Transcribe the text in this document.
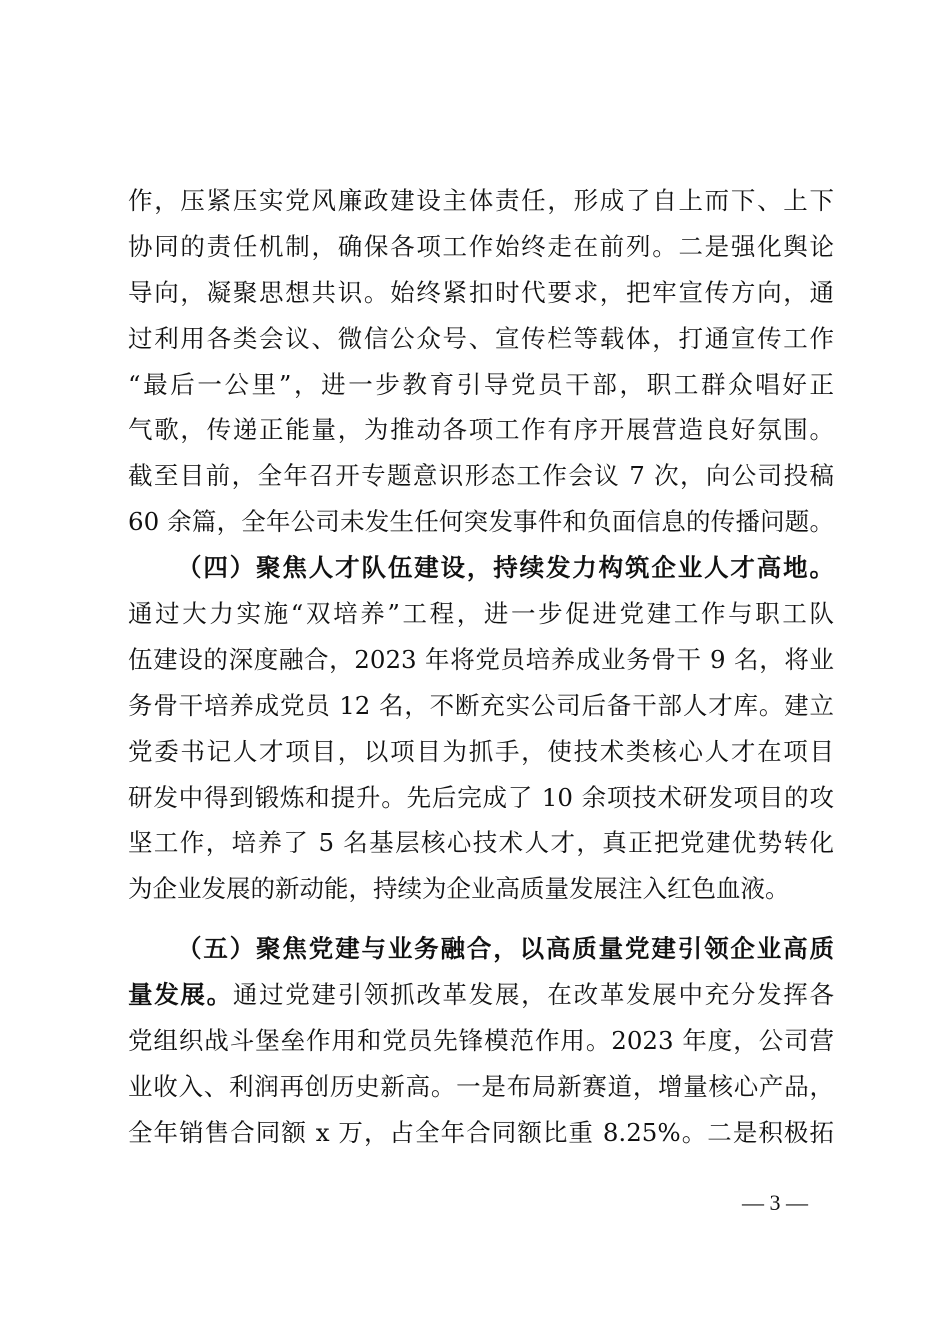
作，压紧压实党风廉政建设主体责任，形成了自上而下、上下
协同的责任机制，确保各项工作始终走在前列。二是强化舆论
导向，凝聚思想共识。始终紧扣时代要求，把牢宣传方向，通
过利用各类会议、微信公众号、宣传栏等载体，打通宣传工作
“最后一公里”，进一步教育引导党员干部，职工群众唱好正
气歌，传递正能量，为推动各项工作有序开展营造良好氛围。
截至目前，全年召开专题意识形态工作会议 7 次，向公司投稿
60 余篇，全年公司未发生任何突发事件和负面信息的传播问题。
（四）聚焦人才队伍建设，持续发力构筑企业人才高地。
通过大力实施“双培养”工程，进一步促进党建工作与职工队
伍建设的深度融合，2023 年将党员培养成业务骨干 9 名，将业
务骨干培养成党员 12 名，不断充实公司后备干部人才库。建立
党委书记人才项目，以项目为抓手，使技术类核心人才在项目
研发中得到锻炼和提升。先后完成了 10 余项技术研发项目的攻
坚工作，培养了 5 名基层核心技术人才，真正把党建优势转化
为企业发展的新动能，持续为企业高质量发展注入红色血液。
（五）聚焦党建与业务融合，以高质量党建引领企业高质
量发展。通过党建引领抓改革发展，在改革发展中充分发挥各
党组织战斗堡垒作用和党员先锋模范作用。2023 年度，公司营
业收入、利润再创历史新高。一是布局新赛道，增量核心产品，
全年销售合同额 x 万，占全年合同额比重 8.25%。二是积极拓
— 3 —
